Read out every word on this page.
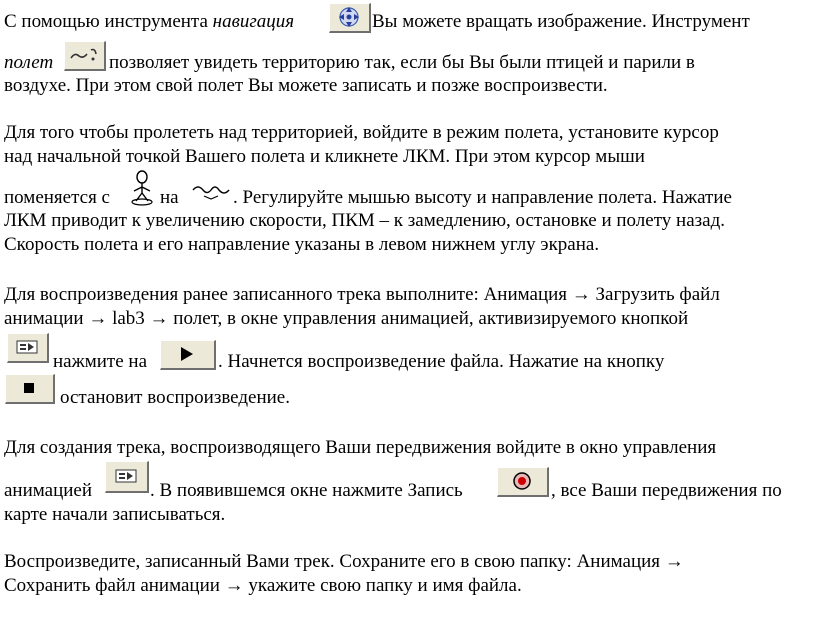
С помощью инструмента навигация	Вы можете вращать изображение. Инструмент
полет	позволяет увидеть территорию так, если бы Вы были птицей и парили в
воздухе. При этом свой полет Вы можете записать и позже воспроизвести.
Для того чтобы пролететь над территорией, войдите в режим полета, установите курсор
над начальной точкой Вашего полета и кликнете ЛКМ. При этом курсор мыши
поменяется с	на	. Регулируйте мышью высоту и направление полета. Нажатие
ЛКМ приводит к увеличению скорости, ПКМ – к замедлению, остановке и полету назад.
Скорость полета и его направление указаны в левом нижнем углу экрана.
Для воспроизведения ранее записанного трека выполните: Анимация → Загрузить файл
анимации → lab3 → полет, в окне управления анимацией, активизируемого кнопкой
нажмите на	. Начнется воспроизведение файла. Нажатие на кнопку
остановит воспроизведение.
Для создания трека, воспроизводящего Ваши передвижения войдите в окно управления
анимацией	. В появившемся окне нажмите Запись	, все Ваши передвижения по
карте начали записываться.
Воспроизведите, записанный Вами трек. Сохраните его в свою папку: Анимация →
Сохранить файл анимации → укажите свою папку и имя файла.
